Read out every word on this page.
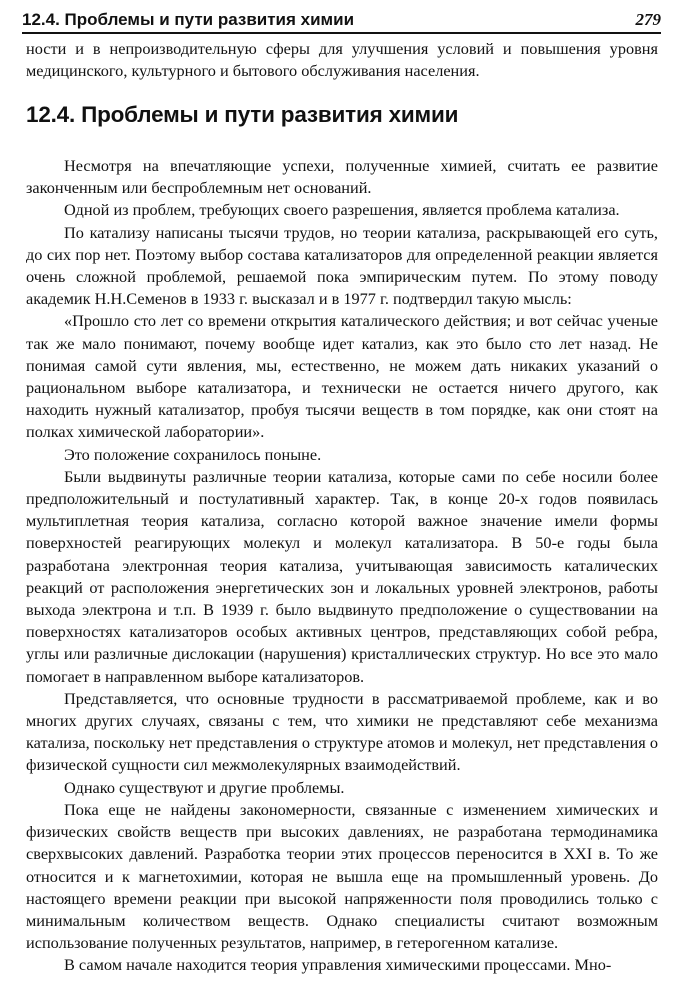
12.4. Проблемы и пути развития химии	279

ности и в непроизводительную сферы для улучшения условий и повышения уровня медицинского, культурного и бытового обслуживания населения.

12.4. Проблемы и пути развития химии

Несмотря на впечатляющие успехи, полученные химией, считать ее развитие законченным или беспроблемным нет оснований.

Одной из проблем, требующих своего разрешения, является проблема катализа.

По катализу написаны тысячи трудов, но теории катализа, раскрывающей его суть, до сих пор нет. Поэтому выбор состава катализаторов для определенной реакции является очень сложной проблемой, решаемой пока эмпирическим путем. По этому поводу академик Н.Н.Семенов в 1933 г. высказал и в 1977 г. подтвердил такую мысль:

«Прошло сто лет со времени открытия каталического действия; и вот сейчас ученые так же мало понимают, почему вообще идет катализ, как это было сто лет назад. Не понимая самой сути явления, мы, естественно, не можем дать никаких указаний о рациональном выборе катализатора, и технически не остается ничего другого, как находить нужный катализатор, пробуя тысячи веществ в том порядке, как они стоят на полках химической лаборатории».

Это положение сохранилось поныне.

Были выдвинуты различные теории катализа, которые сами по себе носили более предположительный и постулативный характер. Так, в конце 20-х годов появилась мультиплетная теория катализа, согласно которой важное значение имели формы поверхностей реагирующих молекул и молекул катализатора. В 50-е годы была разработана электронная теория катализа, учитывающая зависимость каталических реакций от расположения энергетических зон и локальных уровней электронов, работы выхода электрона и т.п. В 1939 г. было выдвинуто предположение о существовании на поверхностях катализаторов особых активных центров, представляющих собой ребра, углы или различные дислокации (нарушения) кристаллических структур. Но все это мало помогает в направленном выборе катализаторов.

Представляется, что основные трудности в рассматриваемой проблеме, как и во многих других случаях, связаны с тем, что химики не представляют себе механизма катализа, поскольку нет представления о структуре атомов и молекул, нет представления о физической сущности сил межмолекулярных взаимодействий.

Однако существуют и другие проблемы.

Пока еще не найдены закономерности, связанные с изменением химических и физических свойств веществ при высоких давлениях, не разработана термодинамика сверхвысоких давлений. Разработка теории этих процессов переносится в XXI в. То же относится и к магнетохимии, которая не вышла еще на промышленный уровень. До настоящего времени реакции при высокой напряженности поля проводились только с минимальным количеством веществ. Однако специалисты считают возможным использование полученных результатов, например, в гетерогенном катализе.

В самом начале находится теория управления химическими процессами. Мно-
